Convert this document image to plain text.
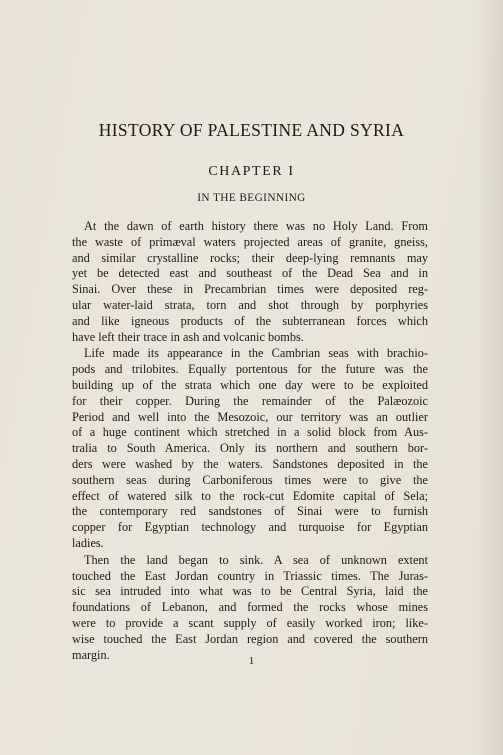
HISTORY OF PALESTINE AND SYRIA
CHAPTER I
IN THE BEGINNING

At the dawn of earth history there was no Holy Land. From
the waste of primæval waters projected areas of granite, gneiss,
and similar crystalline rocks; their deep-lying remnants may
yet be detected east and southeast of the Dead Sea and in
Sinai. Over these in Precambrian times were deposited reg-
ular water-laid strata, torn and shot through by porphyries
and like igneous products of the subterranean forces which
have left their trace in ash and volcanic bombs.

Life made its appearance in the Cambrian seas with brachio-
pods and trilobites. Equally portentous for the future was the
building up of the strata which one day were to be exploited
for their copper. During the remainder of the Palæozoic
Period and well into the Mesozoic, our territory was an outlier
of a huge continent which stretched in a solid block from Aus-
tralia to South America. Only its northern and southern bor-
ders were washed by the waters. Sandstones deposited in the
southern seas during Carboniferous times were to give the
effect of watered silk to the rock-cut Edomite capital of Sela;
the contemporary red sandstones of Sinai were to furnish
copper for Egyptian technology and turquoise for Egyptian
ladies.

Then the land began to sink. A sea of unknown extent
touched the East Jordan country in Triassic times. The Juras-
sic sea intruded into what was to be Central Syria, laid the
foundations of Lebanon, and formed the rocks whose mines
were to provide a scant supply of easily worked iron; like-
wise touched the East Jordan region and covered the southern
margin.	1
